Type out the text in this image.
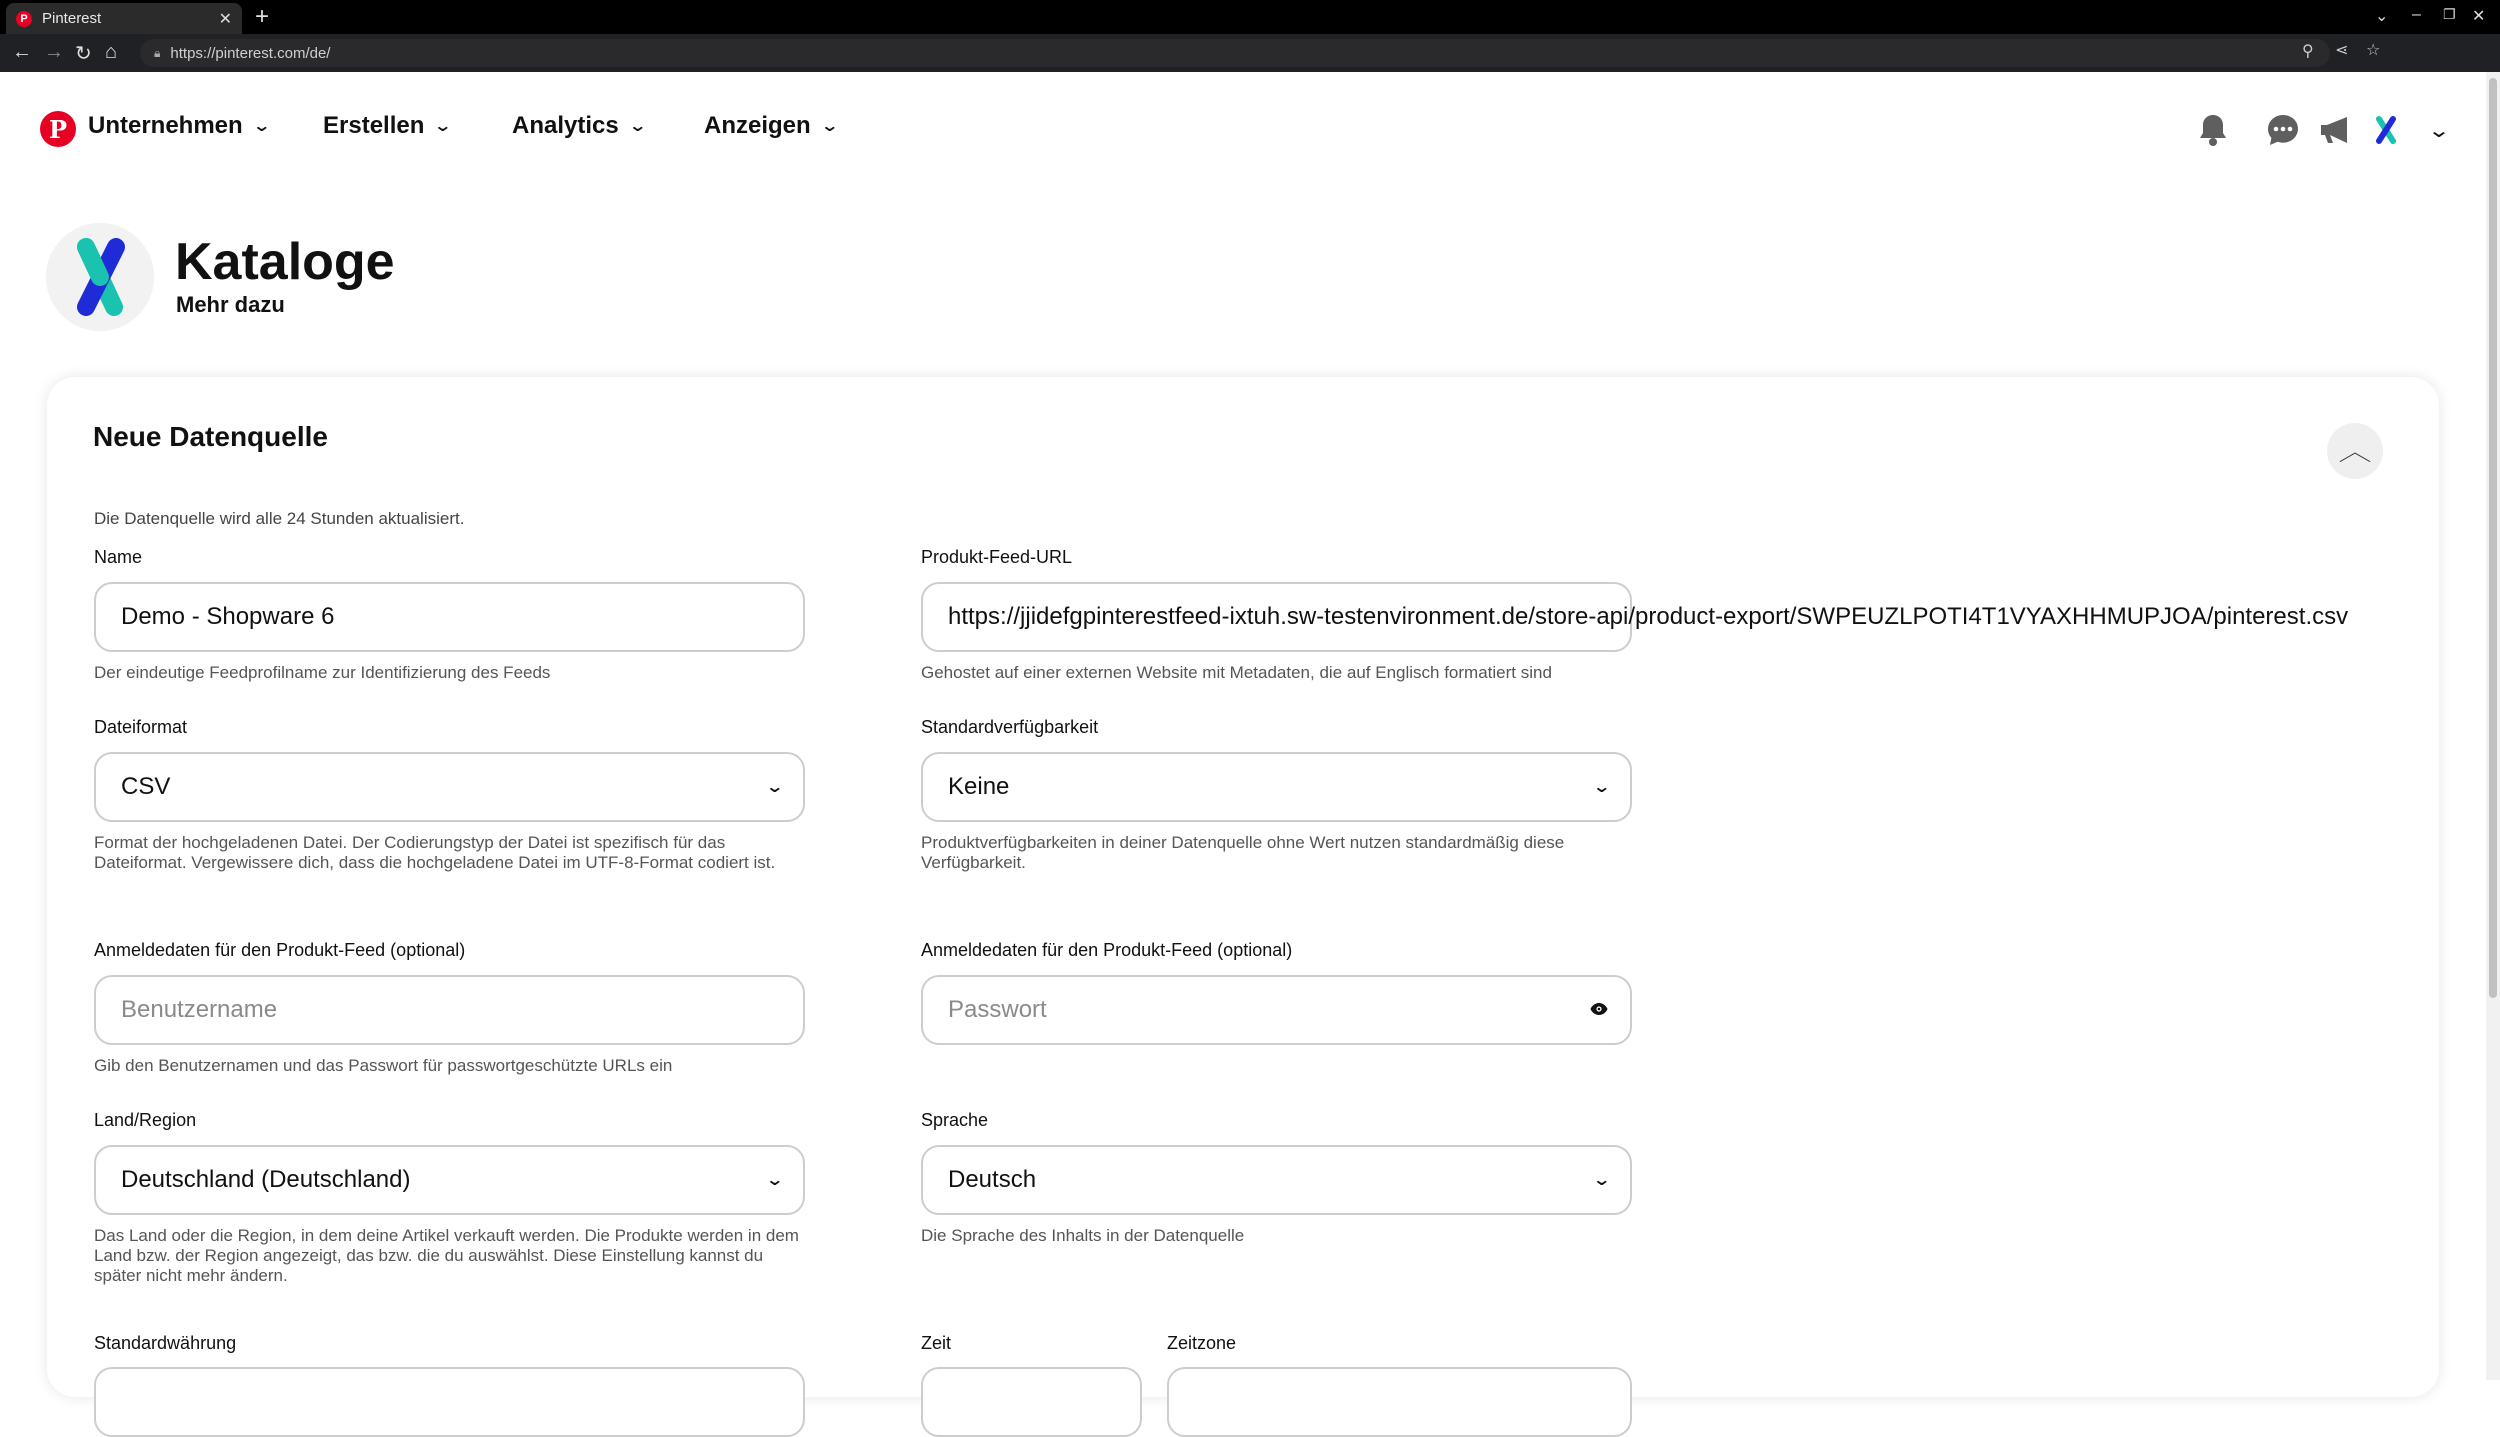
P Pinterest	✕ +	⌄ – ❐ ✕
← → ↻ ⌂	🔒︎ https://pinterest.com/de/	⚲ ⋖ ☆
P Unternehmen ⌄ Erstellen ⌄ Analytics ⌄ Anzeigen ⌄	⌄
Kataloge
Mehr dazu
Neue Datenquelle	︿
Die Datenquelle wird alle 24 Stunden aktualisiert.
Name
Demo - Shopware 6
Der eindeutige Feedprofilname zur Identifizierung des Feeds
Produkt-Feed-URL
https://jjidefgpinterestfeed-ixtuh.sw-testenvironment.de/store-api/product-export/SWPEUZLPOTI4T1VYAXHHMUPJOA/pinterest.csv
Gehostet auf einer externen Website mit Metadaten, die auf Englisch formatiert sind
Dateiformat
CSV	⌄
Format der hochgeladenen Datei. Der Codierungstyp der Datei ist spezifisch für das Dateiformat. Vergewissere dich, dass die hochgeladene Datei im UTF-8-Format codiert ist.
Standardverfügbarkeit
Keine	⌄
Produktverfügbarkeiten in deiner Datenquelle ohne Wert nutzen standardmäßig diese Verfügbarkeit.
Anmeldedaten für den Produkt-Feed (optional)
Benutzername
Gib den Benutzernamen und das Passwort für passwortgeschützte URLs ein
Anmeldedaten für den Produkt-Feed (optional)
Passwort
Land/Region
Deutschland (Deutschland)	⌄
Das Land oder die Region, in dem deine Artikel verkauft werden. Die Produkte werden in dem Land bzw. der Region angezeigt, das bzw. die du auswählst. Diese Einstellung kannst du später nicht mehr ändern.
Sprache
Deutsch	⌄
Die Sprache des Inhalts in der Datenquelle
Standardwährung	Zeit	Zeitzone
